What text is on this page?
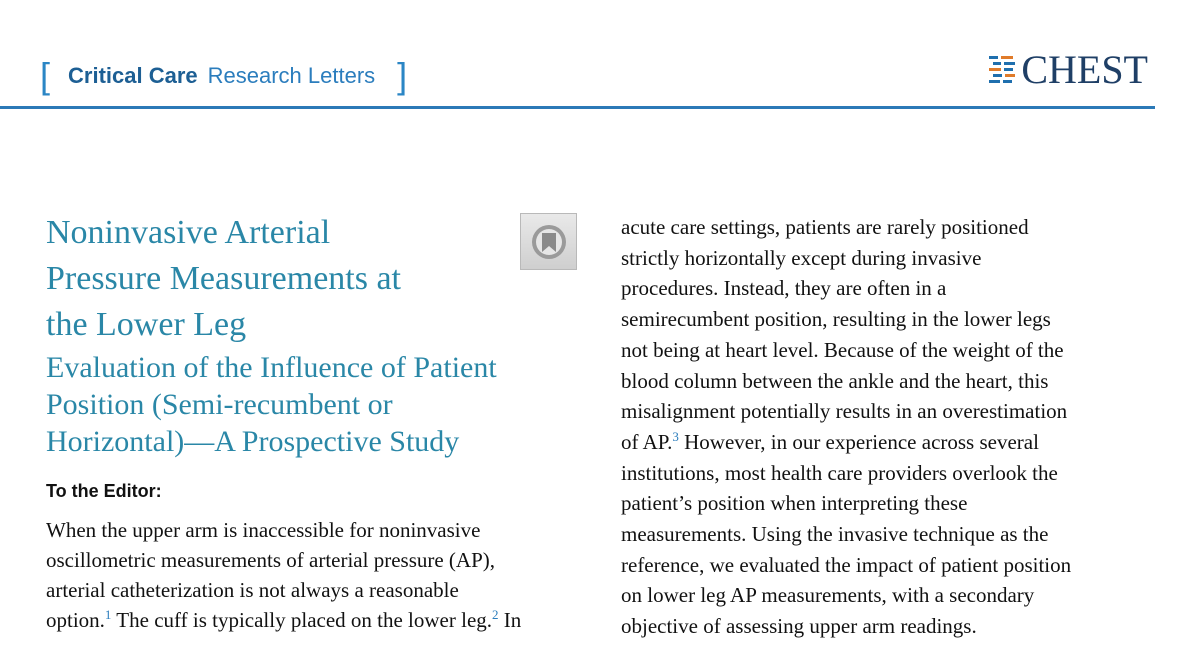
[ Critical Care Research Letters ]	CHEST
Noninvasive Arterial
Pressure Measurements at
the Lower Leg
Evaluation of the Influence of Patient
Position (Semi-recumbent or
Horizontal)—A Prospective Study
To the Editor:

When the upper arm is inaccessible for noninvasive
oscillometric measurements of arterial pressure (AP),
arterial catheterization is not always a reasonable
option.$^1$ The cuff is typically placed on the lower leg.$^2$ In

acute care settings, patients are rarely positioned
strictly horizontally except during invasive
procedures. Instead, they are often in a
semirecumbent position, resulting in the lower legs
not being at heart level. Because of the weight of the
blood column between the ankle and the heart, this
misalignment potentially results in an overestimation
of AP.$^3$ However, in our experience across several
institutions, most health care providers overlook the
patient’s position when interpreting these
measurements. Using the invasive technique as the
reference, we evaluated the impact of patient position
on lower leg AP measurements, with a secondary
objective of assessing upper arm readings.
